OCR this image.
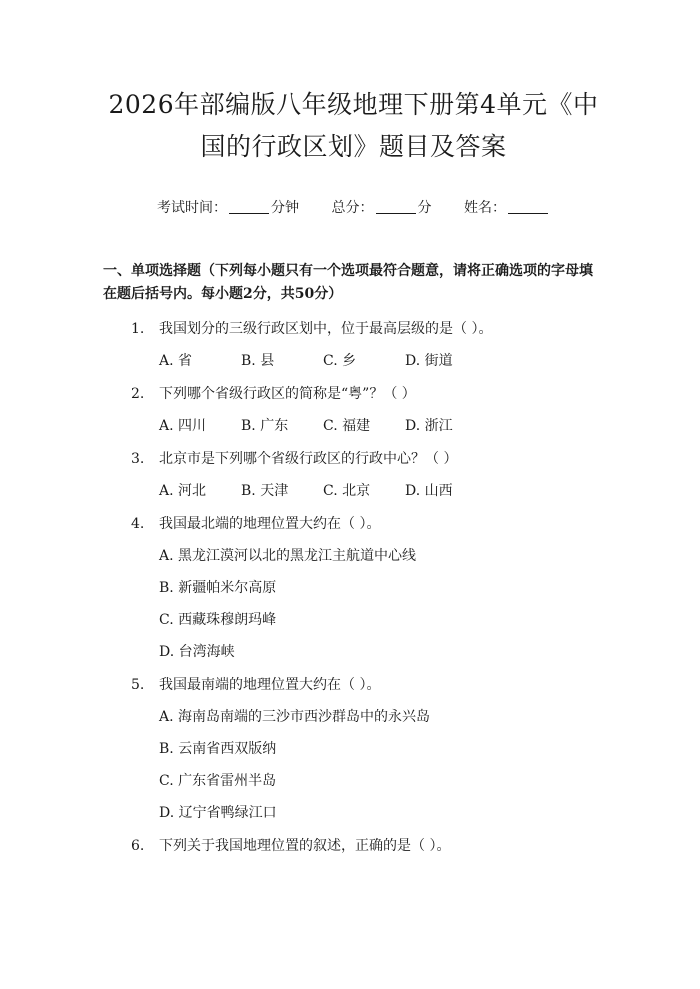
2026年部编版八年级地理下册第4单元《中国的行政区划》题目及答案
考试时间：	分钟 总分：	分 姓名：
一、单项选择题（下列每小题只有一个选项最符合题意，请将正确选项的字母填在题后括号内。每小题2分，共50分）
1. 我国划分的三级行政区划中，位于最高层级的是（ ）。
A. 省	B. 县	C. 乡	D. 街道
2. 下列哪个省级行政区的简称是“粤”？（ ）
A. 四川	B. 广东	C. 福建	D. 浙江
3. 北京市是下列哪个省级行政区的行政中心？（ ）
A. 河北	B. 天津	C. 北京	D. 山西
4. 我国最北端的地理位置大约在（ ）。
A. 黑龙江漠河以北的黑龙江主航道中心线
B. 新疆帕米尔高原
C. 西藏珠穆朗玛峰
D. 台湾海峡
5. 我国最南端的地理位置大约在（ ）。
A. 海南岛南端的三沙市西沙群岛中的永兴岛
B. 云南省西双版纳
C. 广东省雷州半岛
D. 辽宁省鸭绿江口
6. 下列关于我国地理位置的叙述，正确的是（ ）。
